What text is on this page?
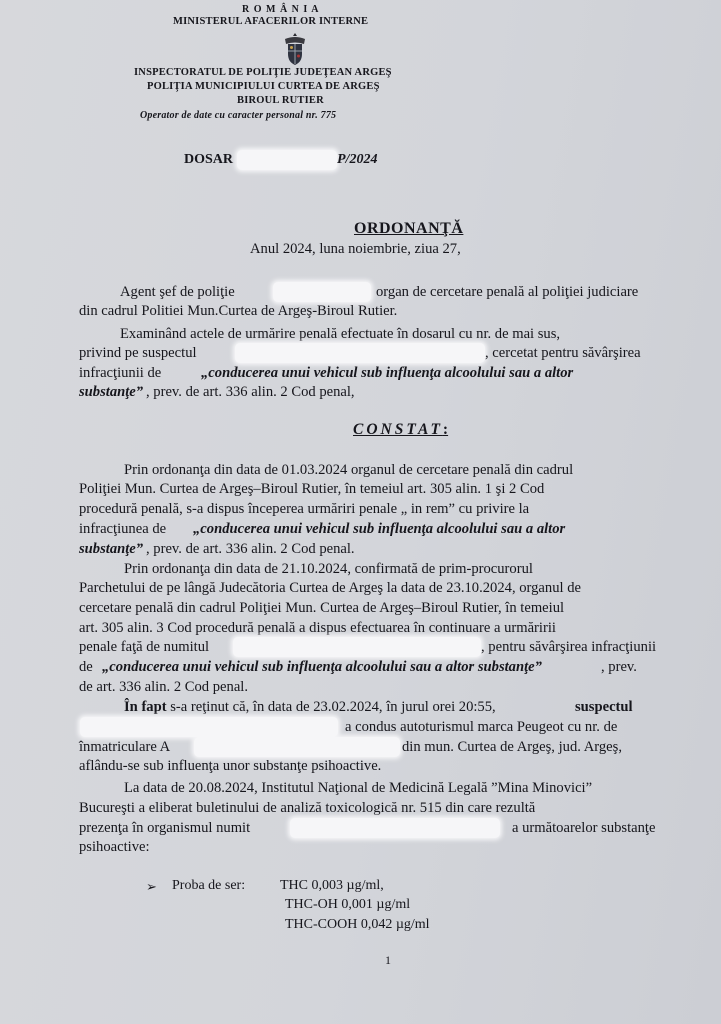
R O M Â N I A
MINISTERUL AFACERILOR INTERNE
INSPECTORATUL DE POLIŢIE JUDEŢEAN ARGEŞ
POLIŢIA MUNICIPIULUI CURTEA DE ARGEŞ
BIROUL RUTIER
Operator de date cu caracter personal nr. 775
DOSAR	P/2024
ORDONANŢĂ
Anul 2024, luna noiembrie, ziua 27,
Agent şef de poliţie	organ de cercetare penală al poliţiei judiciare
din cadrul Politiei Mun.Curtea de Argeş-Biroul Rutier.
Examinând actele de urmărire penală efectuate în dosarul cu nr. de mai sus,
privind pe suspectul	, cercetat pentru săvârşirea
infracţiunii de	„conducerea unui vehicul sub influenţa alcoolului sau a altor
substanţe” , prev. de art. 336 alin. 2 Cod penal,
CONSTAT:
Prin ordonanţa din data de 01.03.2024 organul de cercetare penală din cadrul
Poliţiei Mun. Curtea de Argeş–Biroul Rutier, în temeiul art. 305 alin. 1 şi 2 Cod
procedură penală, s-a dispus începerea urmăriri penale „ in rem” cu privire la
infracţiunea de „conducerea unui vehicul sub influenţa alcoolului sau a altor
substanţe” , prev. de art. 336 alin. 2 Cod penal.
Prin ordonanţa din data de 21.10.2024, confirmată de prim-procurorul
Parchetului de pe lângă Judecătoria Curtea de Argeş la data de 23.10.2024, organul de
cercetare penală din cadrul Poliţiei Mun. Curtea de Argeş–Biroul Rutier, în temeiul
art. 305 alin. 3 Cod procedură penală a dispus efectuarea în continuare a urmăririi
penale faţă de numitul	, pentru săvârşirea infracţiunii
de „conducerea unui vehicul sub influenţa alcoolului sau a altor substanţe”	, prev.
de art. 336 alin. 2 Cod penal.
În fapt s-a reţinut că, în data de 23.02.2024, în jurul orei 20:55,	suspectul
a condus autoturismul marca Peugeot cu nr. de
înmatriculare A	din mun. Curtea de Argeş, jud. Argeş,
aflându-se sub influenţa unor substanţe psihoactive.
La data de 20.08.2024, Institutul Naţional de Medicină Legală ”Mina Minovici”
Bucureşti a eliberat buletinului de analiză toxicologică nr. 515 din care rezultă
prezenţa în organismul numit	a următoarelor substanţe
psihoactive:
➢ Proba de ser: THC 0,003 µg/ml,
THC-OH 0,001 µg/ml
THC-COOH 0,042 µg/ml
1
